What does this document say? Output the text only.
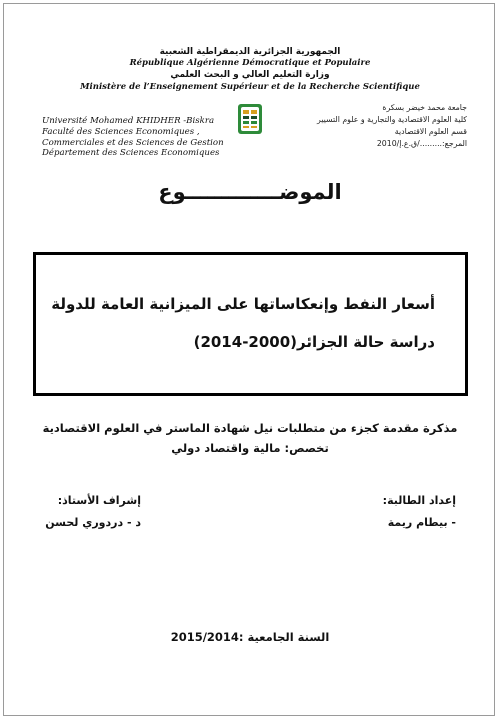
الجمهورية الجزائرية الديمقراطية الشعبية
République Algérienne Démocratique et Populaire
وزارة التعليم العالي و البحث العلمي
Ministère de l’Enseignement Supérieur et de la Recherche Scientifique
Université Mohamed KHIDHER -Biskra
Faculté des Sciences Economiques ,
Commerciales et des Sciences de Gestion
Département des Sciences Economiques
جامعة محمد خيضر بسكرة
كلية العلوم الاقتصادية والتجارية و علوم التسيير
قسم العلوم الاقتصادية
المرجع:........./ق.ع.إ/2010
الموضـــــــــــــوع
أسعار النفط وإنعكاساتها على الميزانية العامة للدولة
دراسة حالة الجزائر(2000-2014)
مذكرة مقدمة كجزء من متطلبات نيل شهادة الماستر في العلوم الاقتصادية
تخصص: مالية واقتصاد دولي
إعداد الطالبة:
- بيطام ريمة
إشراف الأستاذ:
د - دردوري لحسن
السنة الجامعية :2015/2014
